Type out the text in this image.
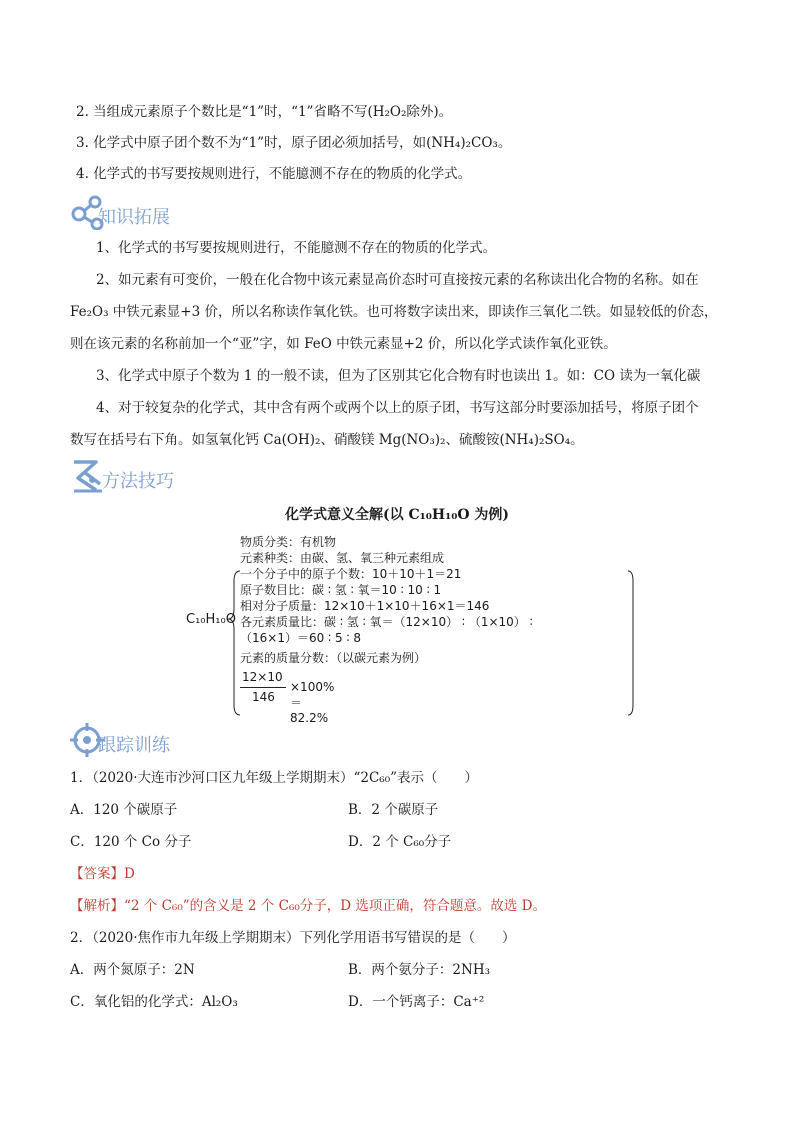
2. 当组成元素原子个数比是“1”时，“1”省略不写(H₂O₂除外)。
3. 化学式中原子团个数不为“1”时，原子团必须加括号，如(NH₄)₂CO₃。
4. 化学式的书写要按规则进行，不能臆测不存在的物质的化学式。
知识拓展
1、化学式的书写要按规则进行，不能臆测不存在的物质的化学式。
2、如元素有可变价，一般在化合物中该元素显高价态时可直接按元素的名称读出化合物的名称。如在
Fe₂O₃ 中铁元素显+3 价，所以名称读作氧化铁。也可将数字读出来，即读作三氧化二铁。如显较低的价态，
则在该元素的名称前加一个“亚”字，如 FeO 中铁元素显+2 价，所以化学式读作氧化亚铁。
3、化学式中原子个数为 1 的一般不读，但为了区别其它化合物有时也读出 1。如：CO 读为一氧化碳
4、对于较复杂的化学式，其中含有两个或两个以上的原子团，书写这部分时要添加括号，将原子团个
数写在括号右下角。如氢氧化钙 Ca(OH)₂、硝酸镁 Mg(NO₃)₂、硫酸铵(NH₄)₂SO₄。
方法技巧
化学式意义全解(以 C₁₀H₁₀O 为例)
C₁₀H₁₀O
物质分类：有机物
元素种类：由碳、氢、氧三种元素组成
一个分子中的原子个数：10＋10＋1＝21
原子数目比：碳 ∶ 氢 ∶ 氧＝10 ∶ 10 ∶ 1
相对分子质量：12×10＋1×10＋16×1＝146
各元素质量比：碳 ∶ 氢 ∶ 氧＝（12×10） ∶ （1×10） ∶
（16×1）＝60 ∶ 5 ∶ 8
元素的质量分数：（以碳元素为例）
12×10
146
×100%＝82.2%
跟踪训练
1．（2020·大连市沙河口区九年级上学期期末）“2C₆₀”表示（　　）
A．120 个碳原子	B．2 个碳原子
C．120 个 Co 分子	D．2 个 C₆₀分子
【答案】D
【解析】“2 个 C₆₀”的含义是 2 个 C₆₀分子，D 选项正确，符合题意。故选 D。
2．（2020·焦作市九年级上学期期末）下列化学用语书写错误的是（　　）
A．两个氮原子：2N	B．两个氨分子：2NH₃
C．氧化铝的化学式：Al₂O₃	D．一个钙离子：Ca⁺²
